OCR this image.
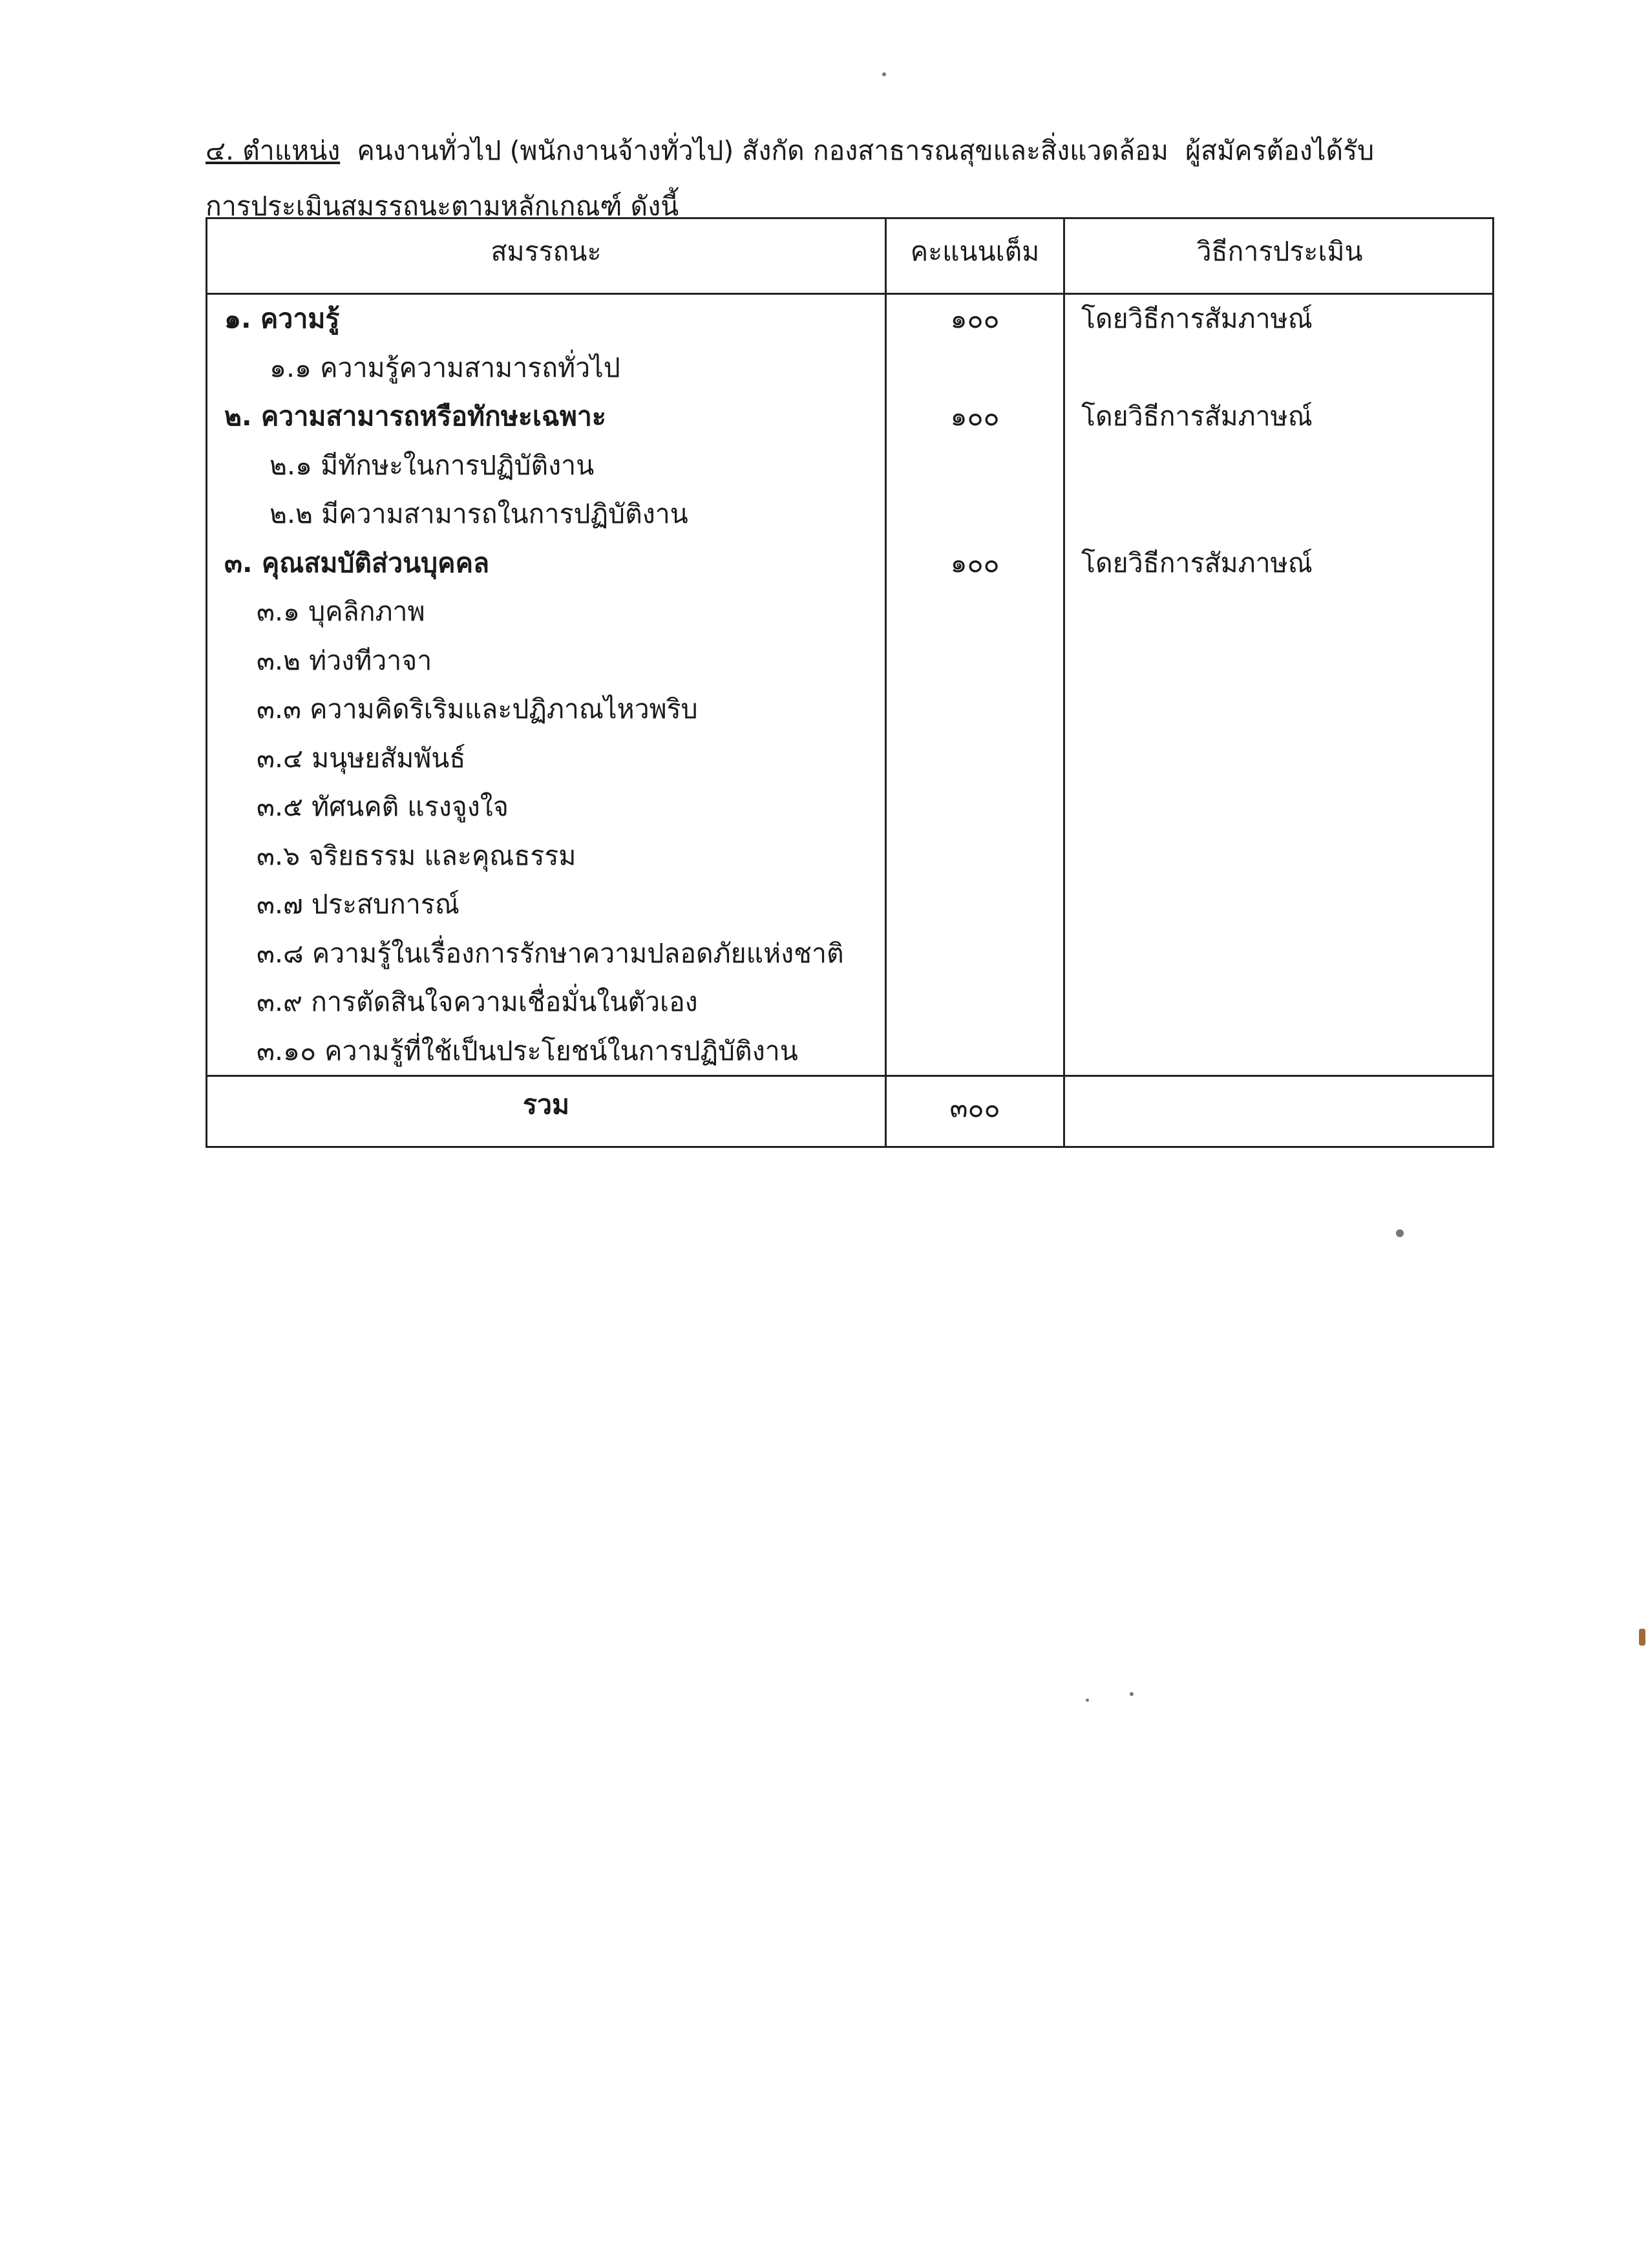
๔. ตำแหน่ง  คนงานทั่วไป (พนักงานจ้างทั่วไป) สังกัด กองสาธารณสุขและสิ่งแวดล้อม  ผู้สมัครต้องได้รับ
การประเมินสมรรถนะตามหลักเกณฑ์ ดังนี้
สมรรถนะ	คะแนนเต็ม	วิธีการประเมิน
๑. ความรู้	๑๐๐	โดยวิธีการสัมภาษณ์
๑.๑ ความรู้ความสามารถทั่วไป
๒. ความสามารถหรือทักษะเฉพาะ	๑๐๐	โดยวิธีการสัมภาษณ์
๒.๑ มีทักษะในการปฏิบัติงาน
๒.๒ มีความสามารถในการปฏิบัติงาน
๓. คุณสมบัติส่วนบุคคล	๑๐๐	โดยวิธีการสัมภาษณ์
๓.๑ บุคลิกภาพ
๓.๒ ท่วงทีวาจา
๓.๓ ความคิดริเริมและปฏิภาณไหวพริบ
๓.๔ มนุษยสัมพันธ์
๓.๕ ทัศนคติ แรงจูงใจ
๓.๖ จริยธรรม และคุณธรรม
๓.๗ ประสบการณ์
๓.๘ ความรู้ในเรื่องการรักษาความปลอดภัยแห่งชาติ
๓.๙ การตัดสินใจความเชื่อมั่นในตัวเอง
๓.๑๐ ความรู้ที่ใช้เป็นประโยชน์ในการปฏิบัติงาน
รวม	๓๐๐
